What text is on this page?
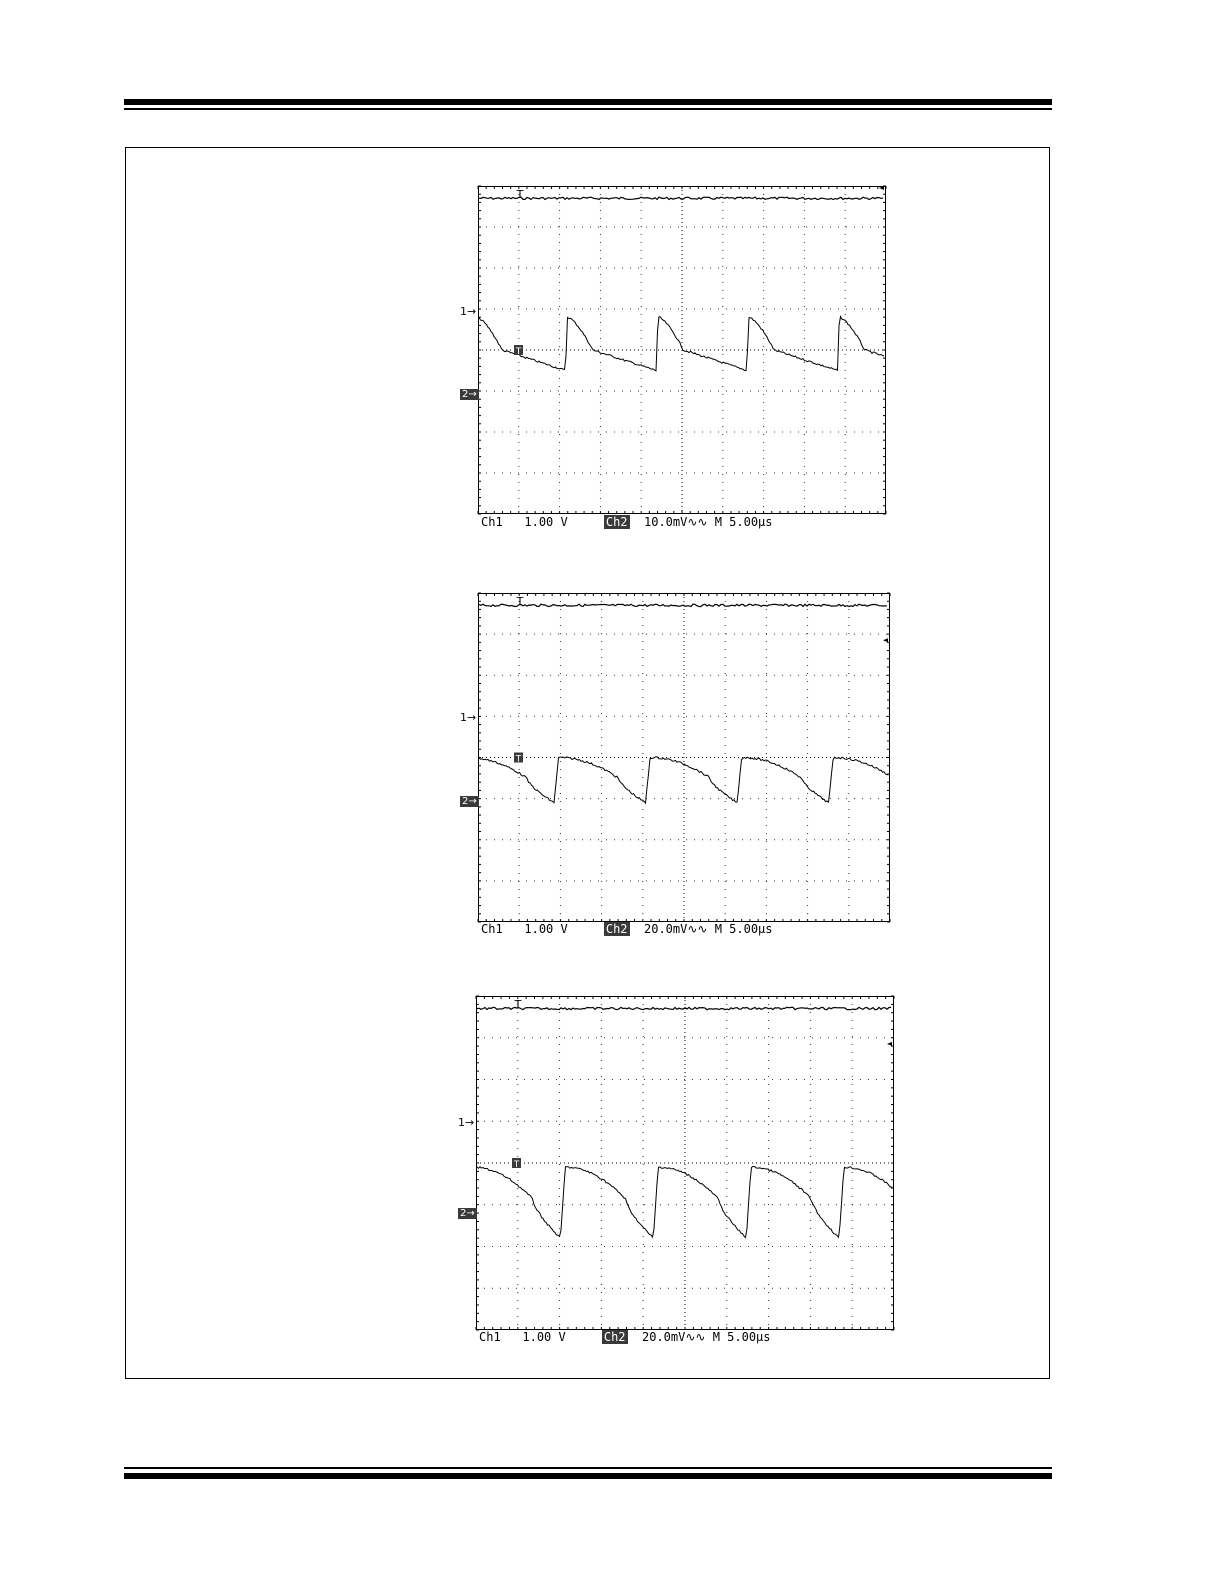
T
T
1→
2→
Ch1 1.00 V	Ch2 10.0mV∿∿ M 5.00µs
T
T
1→
2→
Ch1 1.00 V	Ch2 20.0mV∿∿ M 5.00µs
T
T
1→
2→
Ch1 1.00 V	Ch2 20.0mV∿∿ M 5.00µs
